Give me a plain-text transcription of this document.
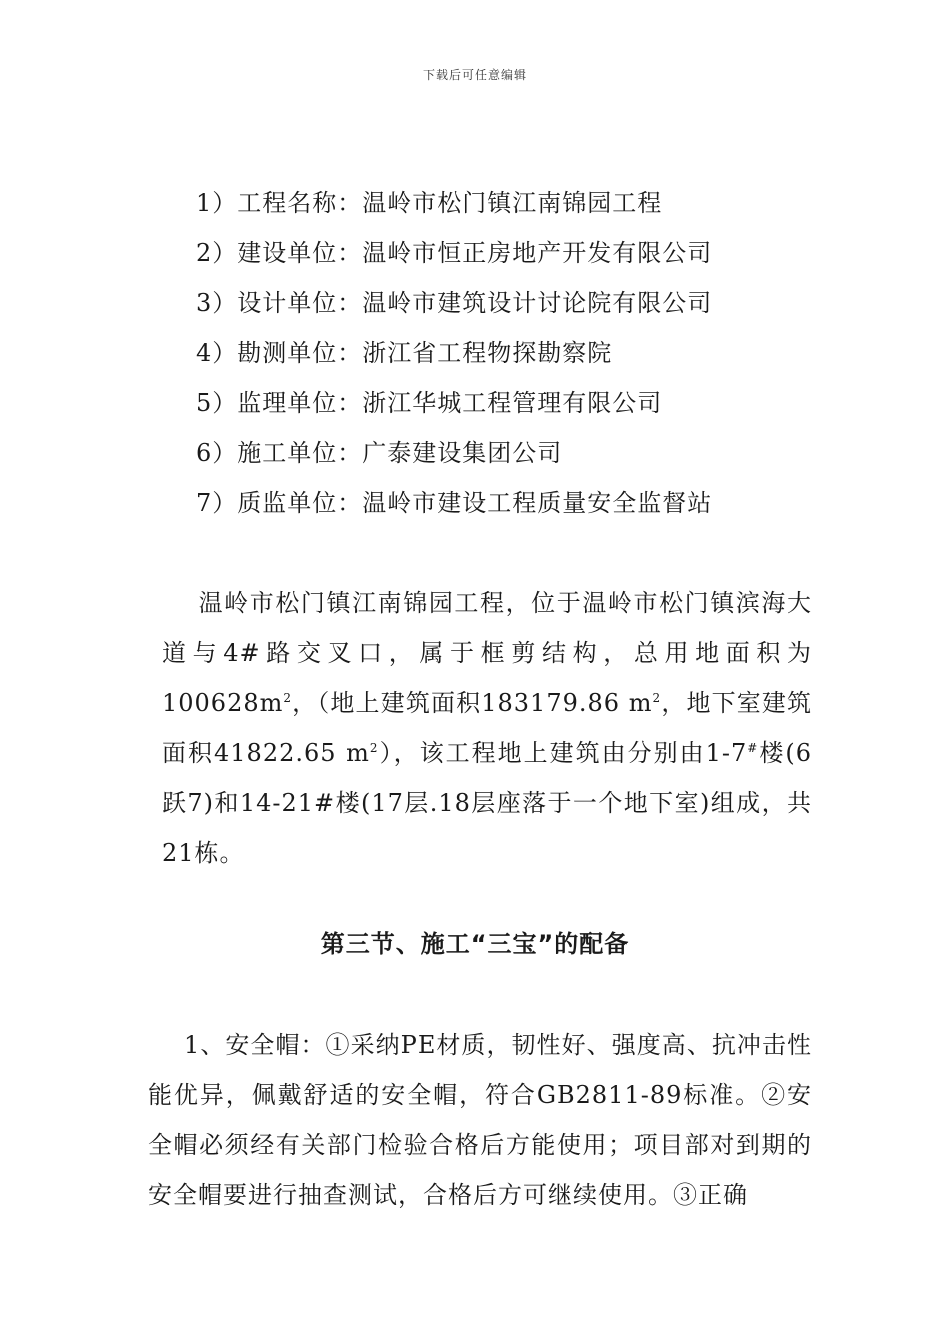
下载后可任意编辑
1）工程名称：温岭市松门镇江南锦园工程
2）建设单位：温岭市恒正房地产开发有限公司
3）设计单位：温岭市建筑设计讨论院有限公司
4）勘测单位：浙江省工程物探勘察院
5）监理单位：浙江华城工程管理有限公司
6）施工单位：广泰建设集团公司
7）质监单位：温岭市建设工程质量安全监督站

温岭市松门镇江南锦园工程，位于温岭市松门镇滨海大道与4#路交叉口，属于框剪结构，总用地面积为$100628m^2$，（地上建筑面积183179.86 $m^2$，地下室建筑面积41822.65 $m^2$），该工程地上建筑由分别由1-7#楼(6跃7)和14-21#楼(17层.18层座落于一个地下室)组成，共21栋。

第三节、施工“三宝”的配备

1、安全帽：①采纳PE材质，韧性好、强度高、抗冲击性能优异，佩戴舒适的安全帽，符合GB2811-89标准。②安全帽必须经有关部门检验合格后方能使用；项目部对到期的安全帽要进行抽查测试，合格后方可继续使用。③正确
